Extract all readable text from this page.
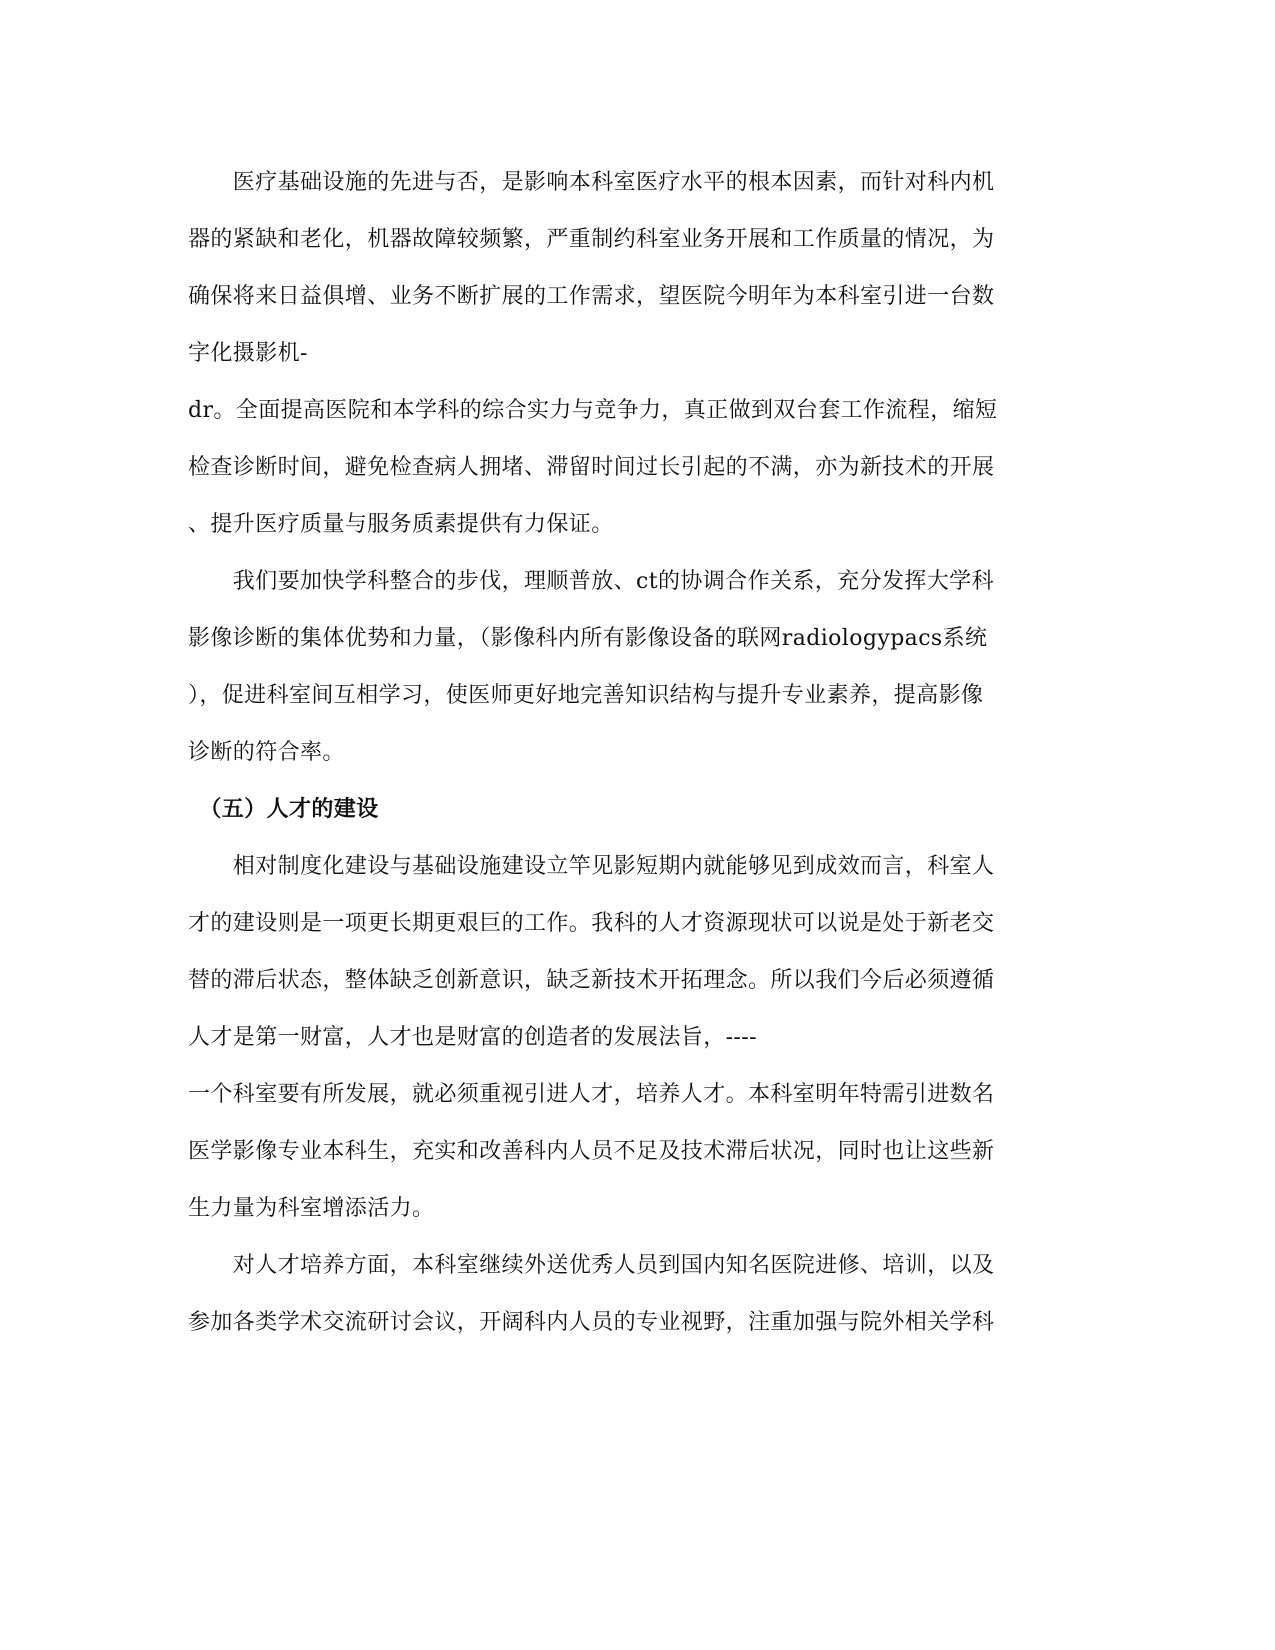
　　医疗基础设施的先进与否，是影响本科室医疗水平的根本因素，而针对科内机
器的紧缺和老化，机器故障较频繁，严重制约科室业务开展和工作质量的情况，为
确保将来日益俱增、业务不断扩展的工作需求，望医院今明年为本科室引进一台数
字化摄影机-
dr。全面提高医院和本学科的综合实力与竞争力，真正做到双台套工作流程，缩短
检查诊断时间，避免检查病人拥堵、滞留时间过长引起的不满，亦为新技术的开展
、提升医疗质量与服务质素提供有力保证。
　　我们要加快学科整合的步伐，理顺普放、ct的协调合作关系，充分发挥大学科
影像诊断的集体优势和力量，（影像科内所有影像设备的联网radiologypacs系统
），促进科室间互相学习，使医师更好地完善知识结构与提升专业素养，提高影像
诊断的符合率。
　（五）人才的建设
　　相对制度化建设与基础设施建设立竿见影短期内就能够见到成效而言，科室人
才的建设则是一项更长期更艰巨的工作。我科的人才资源现状可以说是处于新老交
替的滞后状态，整体缺乏创新意识，缺乏新技术开拓理念。所以我们今后必须遵循
人才是第一财富，人才也是财富的创造者的发展法旨，----
一个科室要有所发展，就必须重视引进人才，培养人才。本科室明年特需引进数名
医学影像专业本科生，充实和改善科内人员不足及技术滞后状况，同时也让这些新
生力量为科室增添活力。
　　对人才培养方面，本科室继续外送优秀人员到国内知名医院进修、培训，以及
参加各类学术交流研讨会议，开阔科内人员的专业视野，注重加强与院外相关学科
